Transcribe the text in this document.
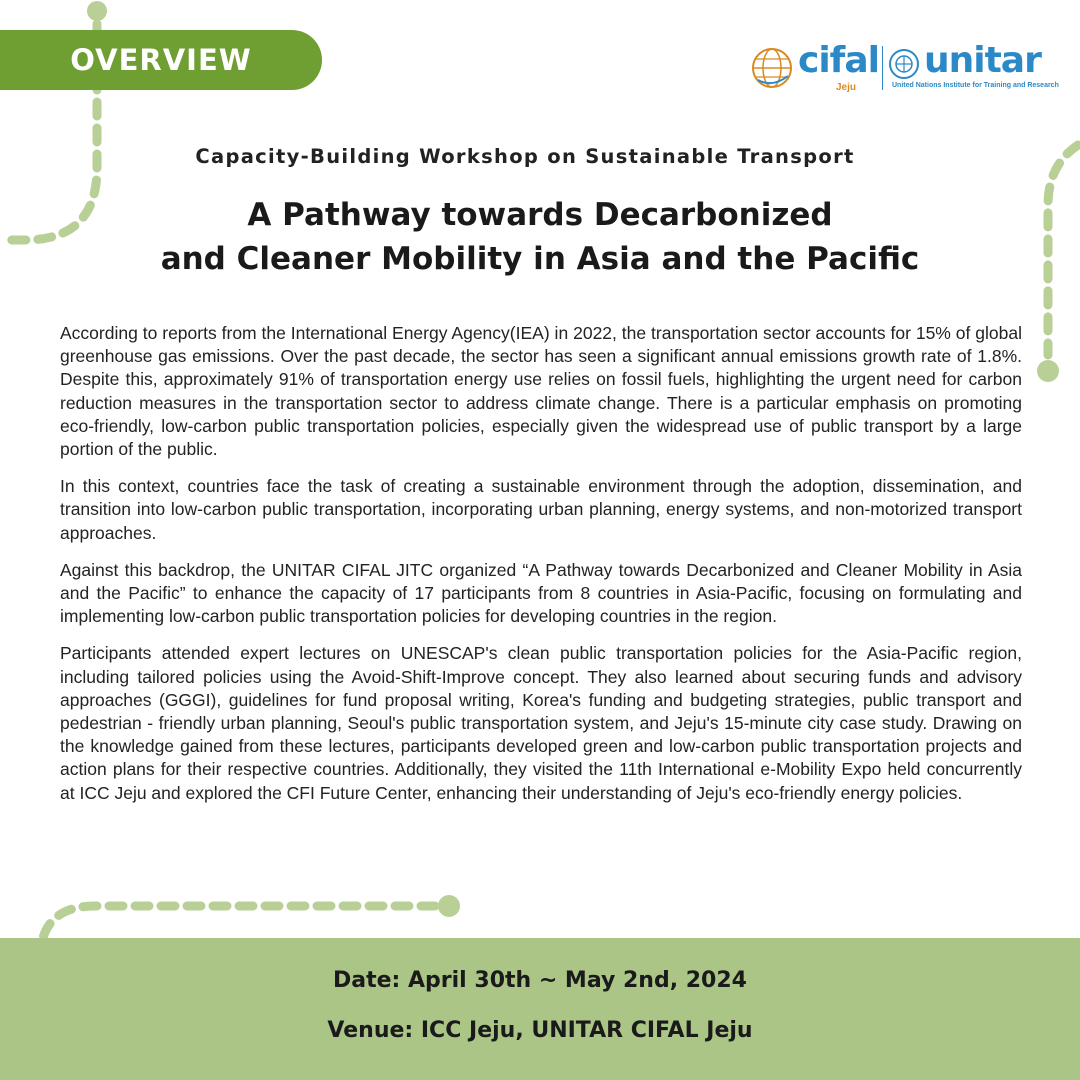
OVERVIEW	cifal
Jeju
unitar
United Nations Institute for Training and Research
Capacity-Building Workshop on Sustainable Transport
A Pathway towards Decarbonized
and Cleaner Mobility in Asia and the Pacific

According to reports from the International Energy Agency(IEA) in 2022, the transportation sector accounts for 15% of global greenhouse gas emissions. Over the past decade, the sector has seen a significant annual emissions growth rate of 1.8%. Despite this, approximately 91% of transportation energy use relies on fossil fuels, highlighting the urgent need for carbon reduction measures in the transportation sector to address climate change. There is a particular emphasis on promoting eco-friendly, low-carbon public transportation policies, especially given the widespread use of public transport by a large portion of the public.

In this context, countries face the task of creating a sustainable environment through the adoption, dissemination, and transition into low-carbon public transportation, incorporating urban planning, energy systems, and non-motorized transport approaches.

Against this backdrop, the UNITAR CIFAL JITC organized “A Pathway towards Decarbonized and Cleaner Mobility in Asia and the Pacific” to enhance the capacity of 17 participants from 8 countries in Asia-Pacific, focusing on formulating and implementing low-carbon public transportation policies for developing countries in the region.

Participants attended expert lectures on UNESCAP's clean public transportation policies for the Asia-Pacific region, including tailored policies using the Avoid-Shift-Improve concept. They also learned about securing funds and advisory approaches (GGGI), guidelines for fund proposal writing, Korea's funding and budgeting strategies, public transport and pedestrian - friendly urban planning, Seoul's public transportation system, and Jeju's 15-minute city case study. Drawing on the knowledge gained from these lectures, participants developed green and low-carbon public transportation projects and action plans for their respective countries. Additionally, they visited the 11th International e-Mobility Expo held concurrently at ICC Jeju and explored the CFI Future Center, enhancing their understanding of Jeju's eco-friendly energy policies.

Date: April 30th ~ May 2nd, 2024
Venue: ICC Jeju, UNITAR CIFAL Jeju
